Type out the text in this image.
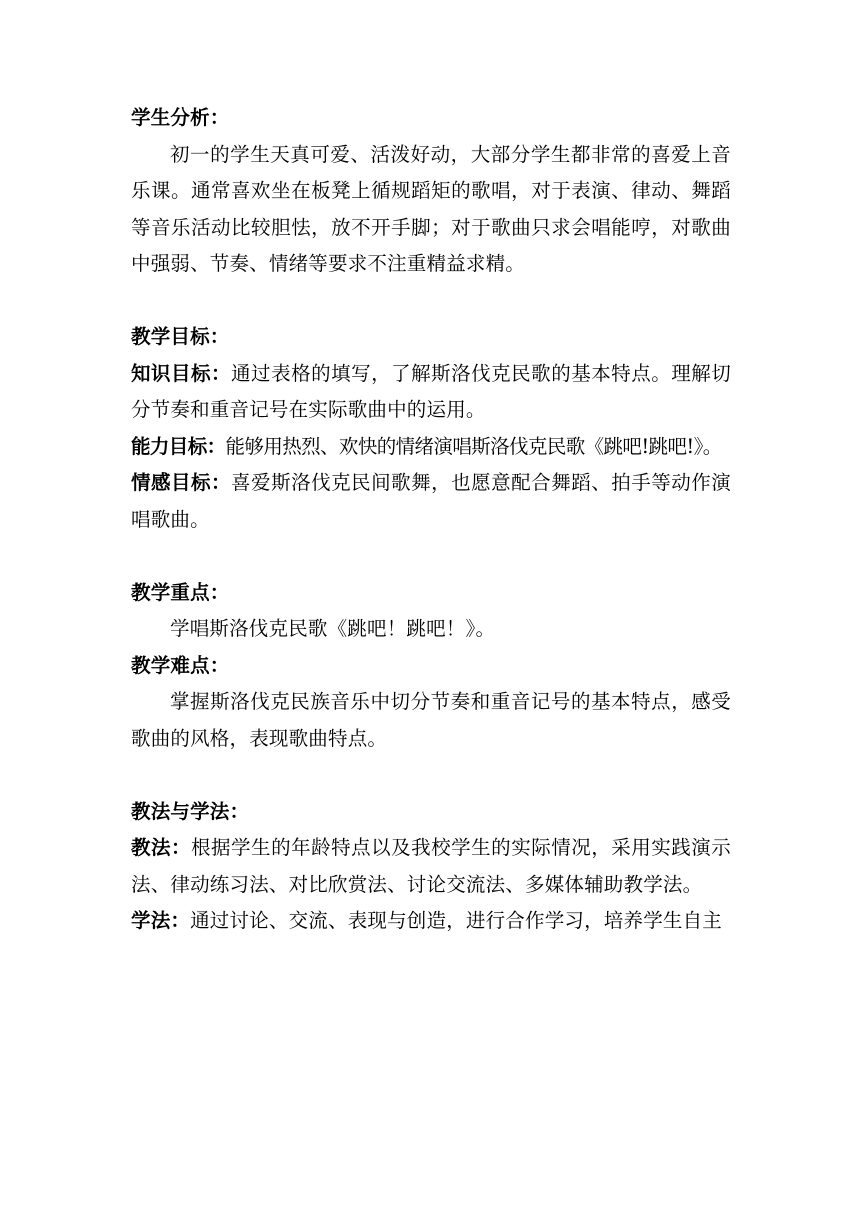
学生分析：

初一的学生天真可爱、活泼好动，大部分学生都非常的喜爱上音乐课。通常喜欢坐在板凳上循规蹈矩的歌唱，对于表演、律动、舞蹈等音乐活动比较胆怯，放不开手脚；对于歌曲只求会唱能哼，对歌曲中强弱、节奏、情绪等要求不注重精益求精。

教学目标：

知识目标：通过表格的填写，了解斯洛伐克民歌的基本特点。理解切分节奏和重音记号在实际歌曲中的运用。

能力目标：能够用热烈、欢快的情绪演唱斯洛伐克民歌《跳吧!跳吧!》。

情感目标：喜爱斯洛伐克民间歌舞，也愿意配合舞蹈、拍手等动作演唱歌曲。

教学重点：

学唱斯洛伐克民歌《跳吧！跳吧！》。

教学难点：

掌握斯洛伐克民族音乐中切分节奏和重音记号的基本特点，感受歌曲的风格，表现歌曲特点。

教法与学法：

教法：根据学生的年龄特点以及我校学生的实际情况，采用实践演示法、律动练习法、对比欣赏法、讨论交流法、多媒体辅助教学法。

学法：通过讨论、交流、表现与创造，进行合作学习，培养学生自主
